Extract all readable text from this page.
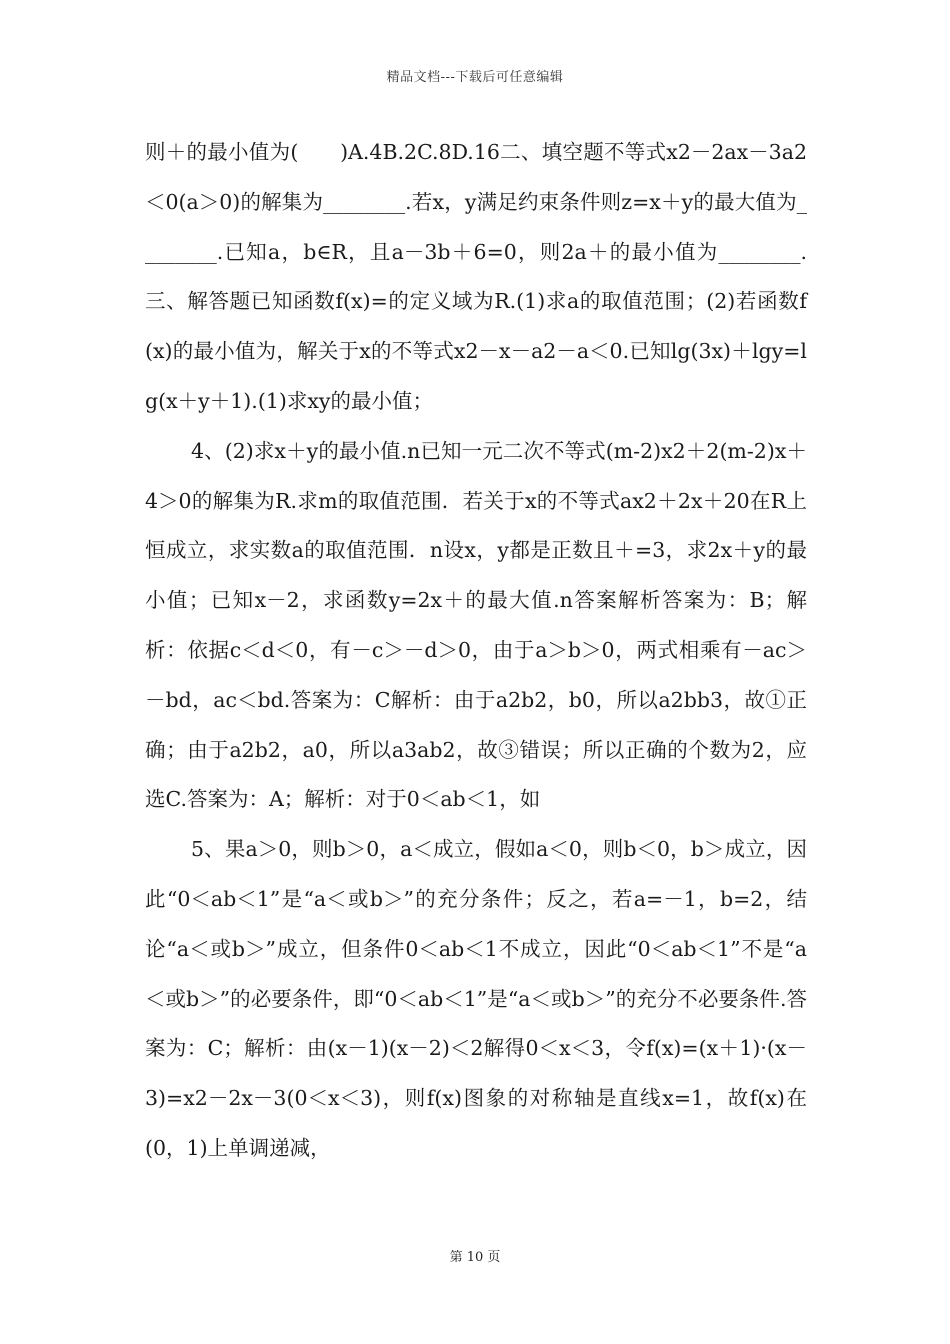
精品文档---下载后可任意编辑

则＋的最小值为(　　)A.4B.2C.8D.16二、填空题不等式x2－2ax－3a2＜0(a＞0)的解集为________.若x，y满足约束条件则z=x＋y的最大值为________.已知a，b∈R，且a－3b＋6=0，则2a＋的最小值为________.三、解答题已知函数f(x)=的定义域为R.(1)求a的取值范围；(2)若函数f(x)的最小值为，解关于x的不等式x2－x－a2－a＜0.已知lg(3x)＋lgy=lg(x＋y＋1).(1)求xy的最小值；

4、(2)求x＋y的最小值.n已知一元二次不等式(m-2)x2＋2(m-2)x＋4＞0的解集为R.求m的取值范围．若关于x的不等式ax2＋2x＋20在R上恒成立，求实数a的取值范围．n设x，y都是正数且＋=3，求2x＋y的最小值；已知x－2，求函数y=2x＋的最大值.n答案解析答案为：B；解析：依据c＜d＜0，有－c＞－d＞0，由于a＞b＞0，两式相乘有－ac＞－bd，ac＜bd.答案为：C解析：由于a2b2，b0，所以a2bb3，故①正确；由于a2b2，a0，所以a3ab2，故③错误；所以正确的个数为2，应选C.答案为：A；解析：对于0＜ab＜1，如

5、果a＞0，则b＞0，a＜成立，假如a＜0，则b＜0，b＞成立，因此“0＜ab＜1”是“a＜或b＞”的充分条件；反之，若a=－1，b=2，结论“a＜或b＞”成立，但条件0＜ab＜1不成立，因此“0＜ab＜1”不是“a＜或b＞”的必要条件，即“0＜ab＜1”是“a＜或b＞”的充分不必要条件.答案为：C；解析：由(x－1)(x－2)＜2解得0＜x＜3，令f(x)=(x＋1)·(x－3)=x2－2x－3(0＜x＜3)，则f(x)图象的对称轴是直线x=1，故f(x)在(0，1)上单调递减，

第 10 页
